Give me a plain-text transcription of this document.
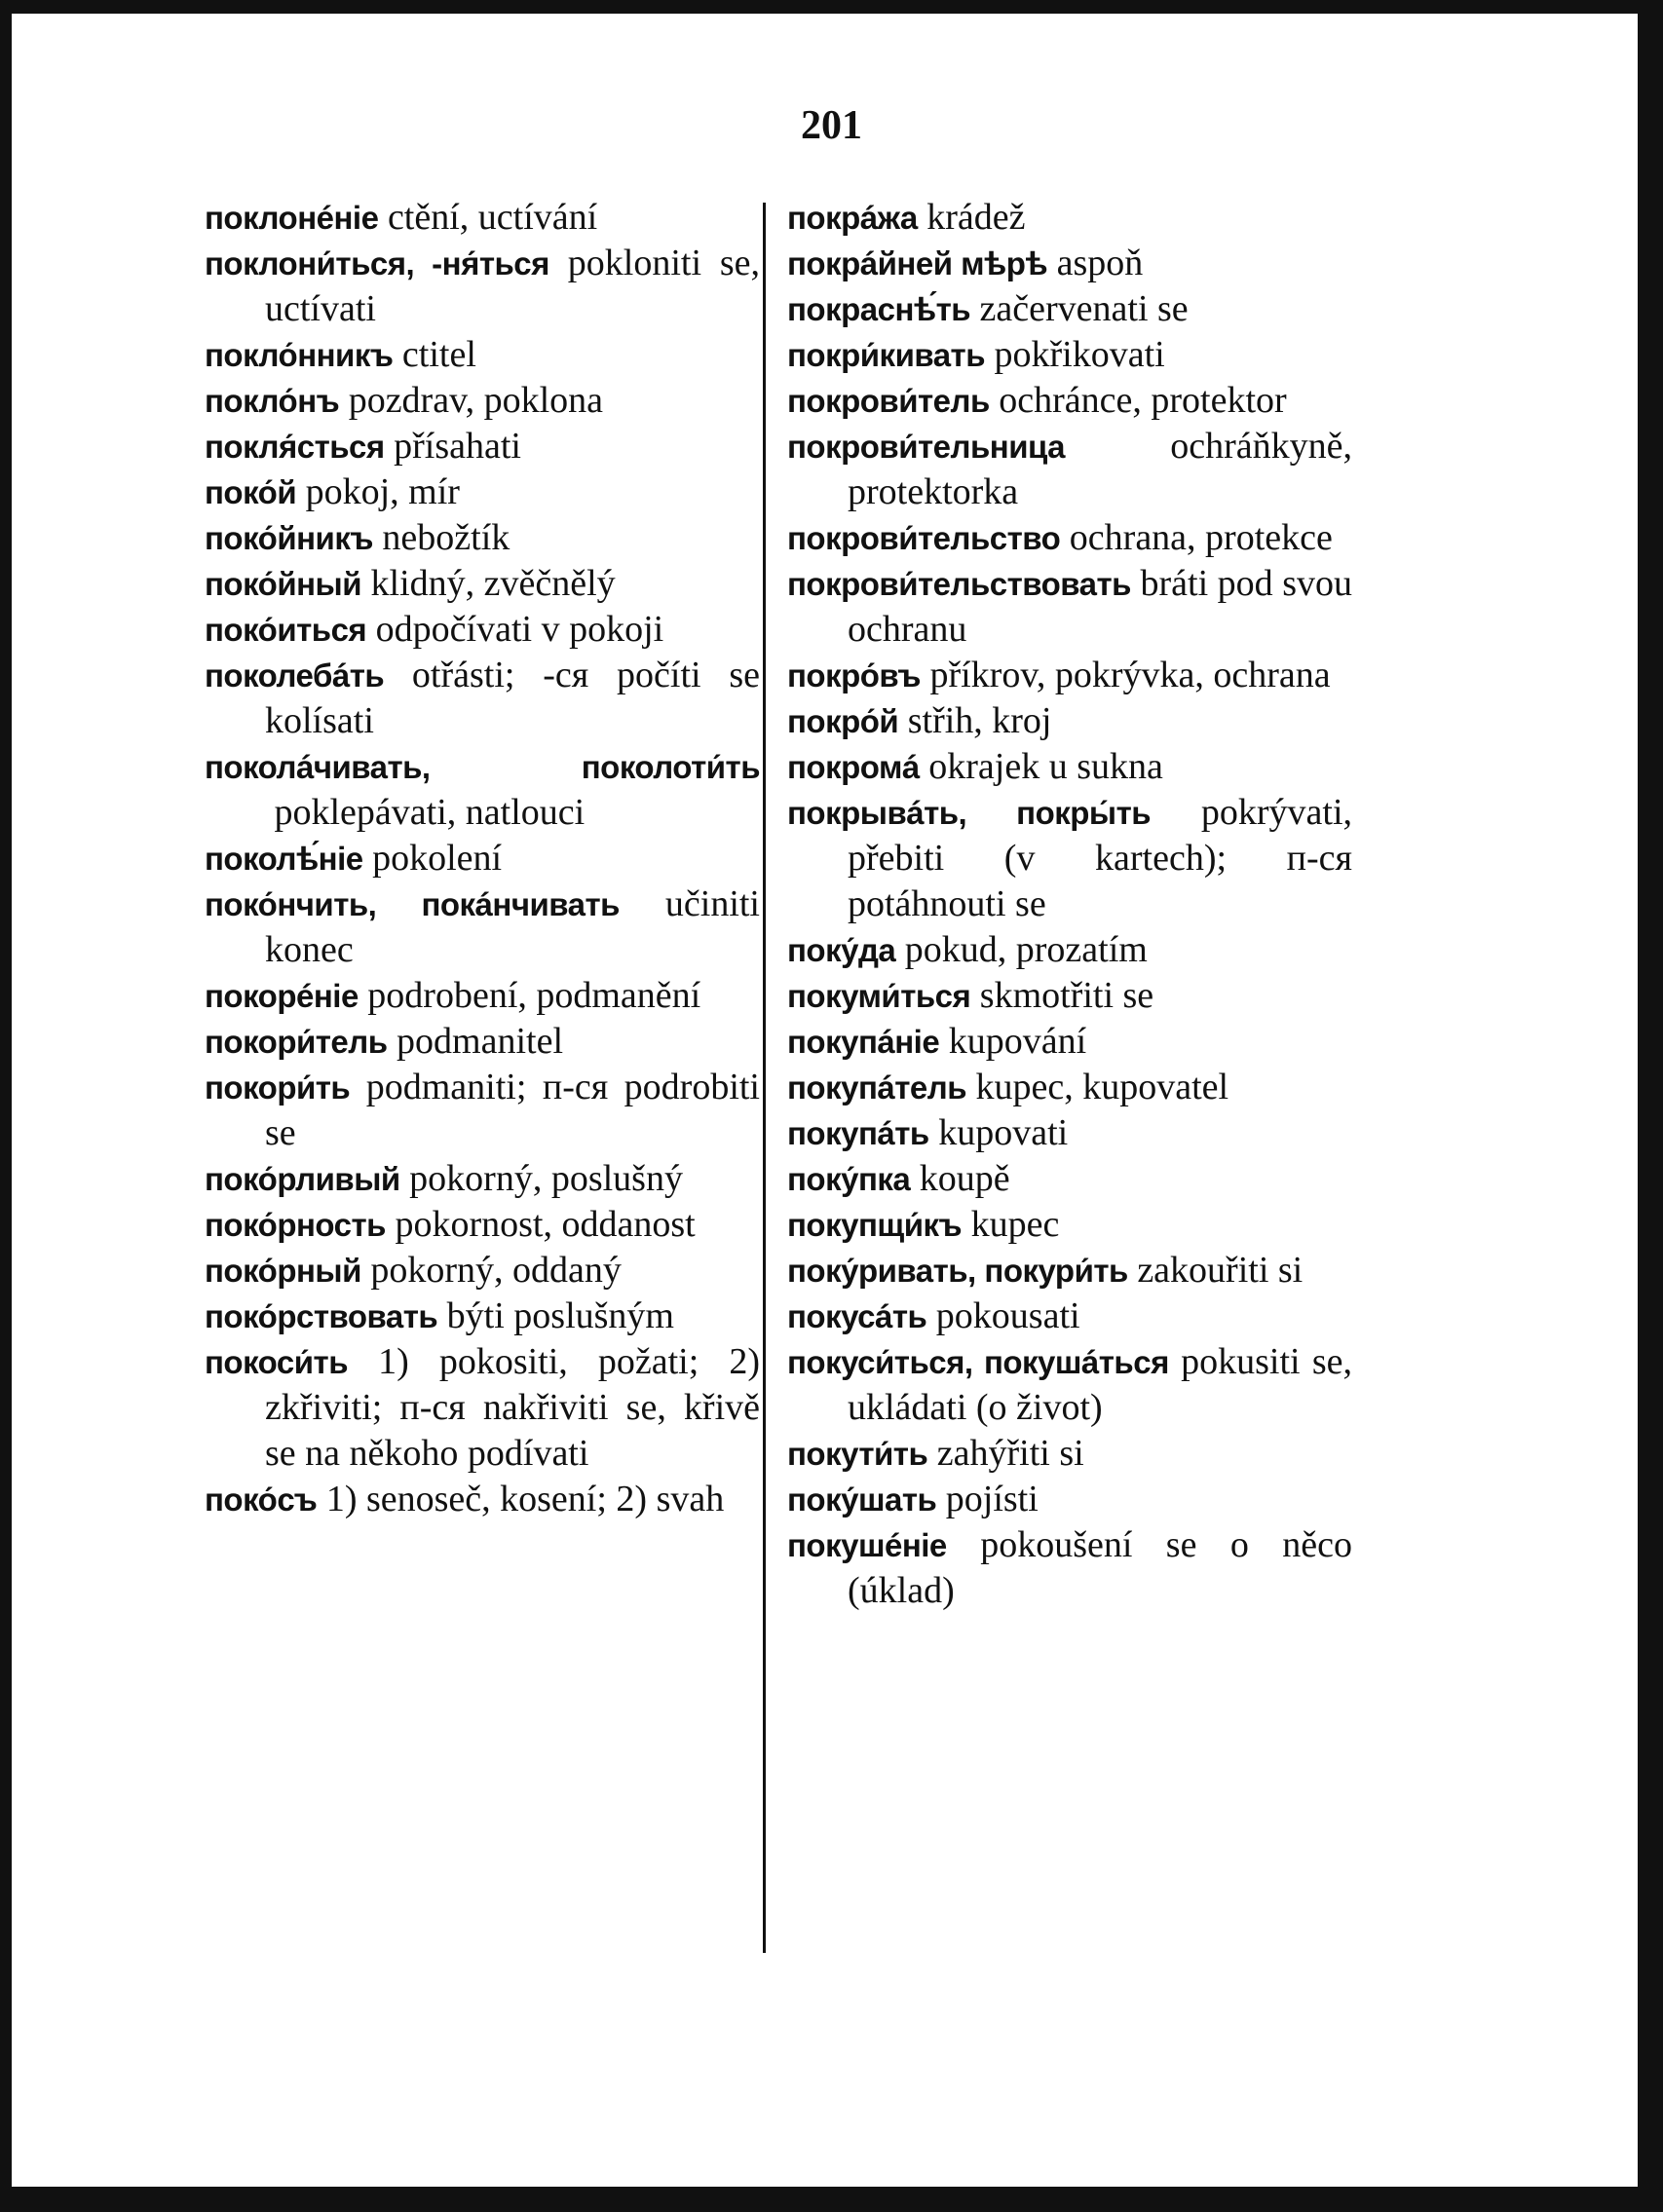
201

поклонéніе ctění, uctívání

поклони́ться, -ня́ться pokloniti se, uctívati

покло́нникъ ctitel

покло́нъ pozdrav, poklona

покля́сться přísahati

поко́й pokoj, mír

поко́йникъ nebožtík

поко́йный klidný, zvěčnělý

поко́иться odpočívati v pokoji

поколебáть otřásti; -ся počíti se kolísati

поколáчивать, поколоти́ть poklepávati, natlouci

поколѣ́ніе pokolení

поко́нчить, покáнчивать učiniti konec

покорéніе podrobení, podmanění

покори́тель podmanitel

покори́ть podmaniti; п-ся podrobiti se

поко́рливый pokorný, poslušný

поко́рность pokornost, oddanost

поко́рный pokorný, oddaný

поко́рствовать býti poslušným

покоси́ть 1) pokositi, požati; 2) zkřiviti; п-ся nakřiviti se, křivě se na někoho podívati

поко́съ 1) senoseč, kosení; 2) svah

покрáжа krádež

покрáйней мѣрѣ aspoň

покраснѣ́ть začervenati se

покри́кивать pokřikovati

покрови́тель ochránce, protektor

покрови́тельница	ochráňkyně, protektorka

покрови́тельство ochrana, protekce

покрови́тельствовать bráti pod svou ochranu

покро́въ příkrov, pokrývka, ochrana

покро́й střih, kroj

покромá okrajek u sukna

покрывáть, покры́ть pokrývati, přebiti (v kartech); п-ся potáhnouti se

поку́да pokud, prozatím

покуми́ться skmotřiti se

покупáніе kupování

покупáтель kupec, kupovatel

покупáть kupovati

поку́пка koupě

покупщи́къ kupec

поку́ривать, покури́ть zakouřiti si

покусáть pokousati

покуси́ться, покушáться pokusiti se, ukládati (o život)

покути́ть zahýřiti si

поку́шать pojísti

покушéніе pokoušení se o něco (úklad)
